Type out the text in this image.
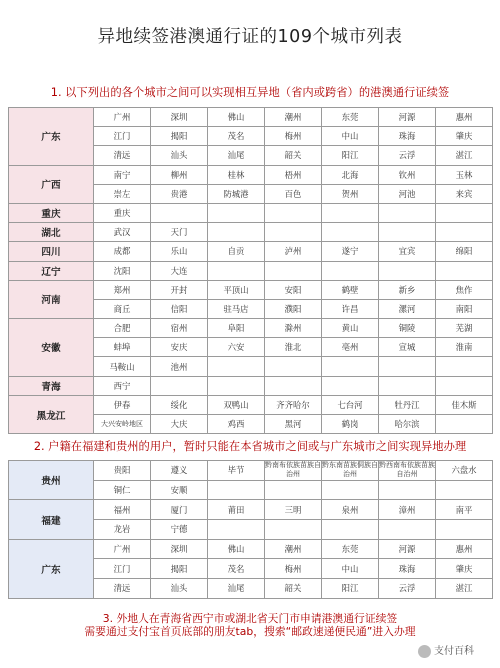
异地续签港澳通行证的109个城市列表
1. 以下列出的各个城市之间可以实现相互异地（省内或跨省）的港澳通行证续签
广东	广州	深圳	佛山	潮州	东莞	河源	惠州
	江门	揭阳	茂名	梅州	中山	珠海	肇庆
	清远	汕头	汕尾	韶关	阳江	云浮	湛江
广西	南宁	柳州	桂林	梧州	北海	钦州	玉林
	崇左	贵港	防城港	百色	贺州	河池	来宾
重庆	重庆						
湖北	武汉	天门					
四川	成都	乐山	自贡	泸州	遂宁	宜宾	绵阳
辽宁	沈阳	大连					
河南	郑州	开封	平顶山	安阳	鹤壁	新乡	焦作
	商丘	信阳	驻马店	濮阳	许昌	漯河	南阳
安徽	合肥	宿州	阜阳	滁州	黄山	铜陵	芜湖
	蚌埠	安庆	六安	淮北	亳州	宣城	淮南
	马鞍山	池州					
青海	西宁						
黑龙江	伊春	绥化	双鸭山	齐齐哈尔	七台河	牡丹江	佳木斯
	大兴安岭地区	大庆	鸡西	黑河	鹤岗	哈尔滨	
2. 户籍在福建和贵州的用户，暂时只能在本省城市之间或与广东城市之间实现异地办理
贵州	贵阳	遵义	毕节	黔南布依族苗族自治州	黔东南苗族侗族自治州	黔西南布依族苗族自治州	六盘水
	铜仁	安顺					
福建	福州	厦门	莆田	三明	泉州	漳州	南平
	龙岩	宁德					
广东	广州	深圳	佛山	潮州	东莞	河源	惠州
	江门	揭阳	茂名	梅州	中山	珠海	肇庆
	清远	汕头	汕尾	韶关	阳江	云浮	湛江
3. 外地人在青海省西宁市或湖北省天门市申请港澳通行证续签
需要通过支付宝首页底部的朋友tab，搜索“邮政速递便民通”进入办理
支付百科
